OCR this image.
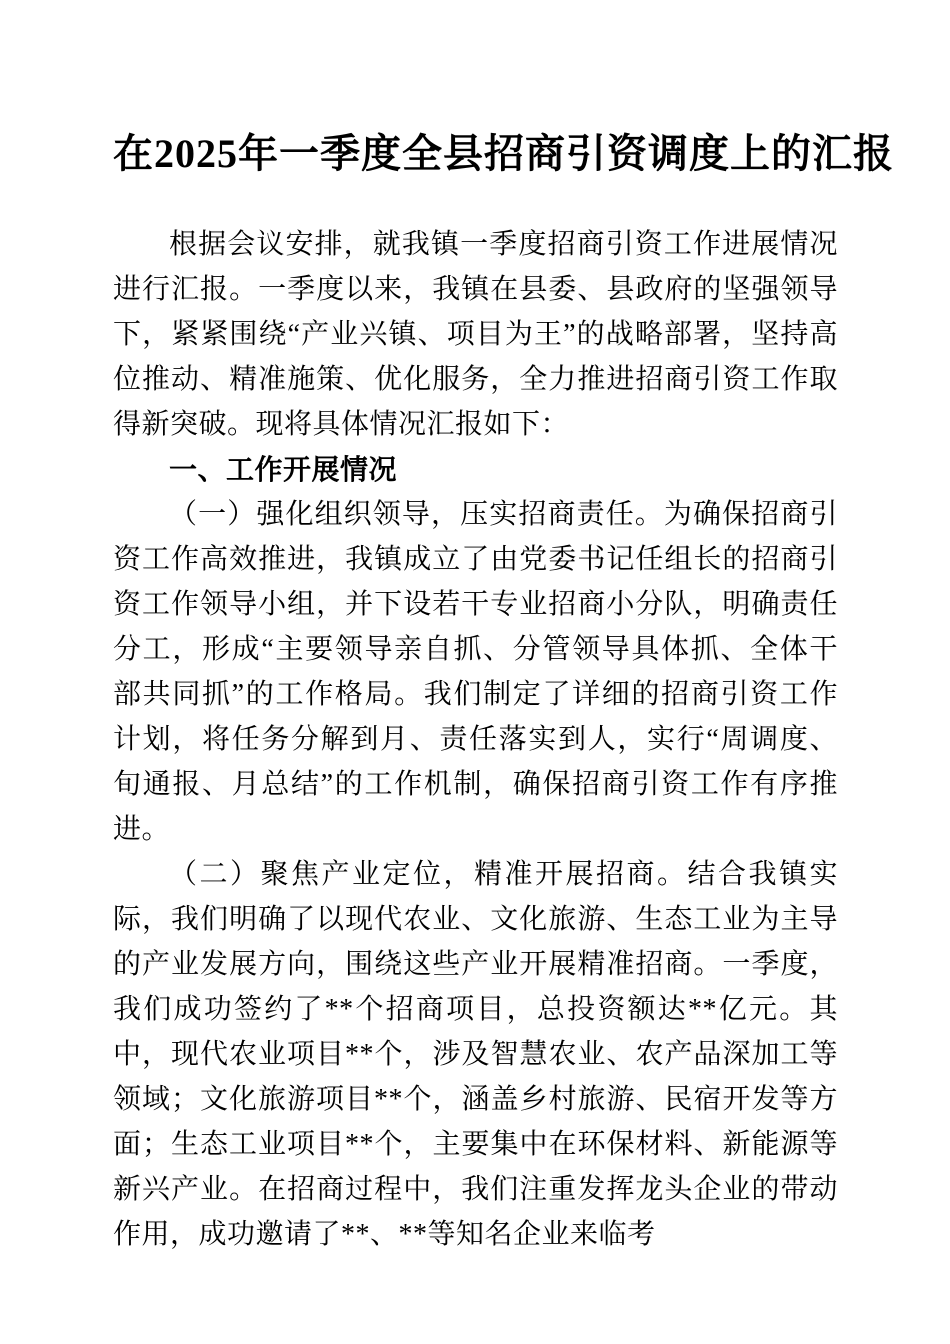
在2025年一季度全县招商引资调度上的汇报

根据会议安排，就我镇一季度招商引资工作进展情况进行汇报。一季度以来，我镇在县委、县政府的坚强领导下，紧紧围绕“产业兴镇、项目为王”的战略部署，坚持高位推动、精准施策、优化服务，全力推进招商引资工作取得新突破。现将具体情况汇报如下：

一、工作开展情况

（一）强化组织领导，压实招商责任。为确保招商引资工作高效推进，我镇成立了由党委书记任组长的招商引资工作领导小组，并下设若干专业招商小分队，明确责任分工，形成“主要领导亲自抓、分管领导具体抓、全体干部共同抓”的工作格局。我们制定了详细的招商引资工作计划，将任务分解到月、责任落实到人，实行“周调度、旬通报、月总结”的工作机制，确保招商引资工作有序推进。

（二）聚焦产业定位，精准开展招商。结合我镇实际，我们明确了以现代农业、文化旅游、生态工业为主导的产业发展方向，围绕这些产业开展精准招商。一季度，我们成功签约了**个招商项目，总投资额达**亿元。其中，现代农业项目**个，涉及智慧农业、农产品深加工等领域；文化旅游项目**个，涵盖乡村旅游、民宿开发等方面；生态工业项目**个，主要集中在环保材料、新能源等新兴产业。在招商过程中，我们注重发挥龙头企业的带动作用，成功邀请了**、**等知名企业来临考
